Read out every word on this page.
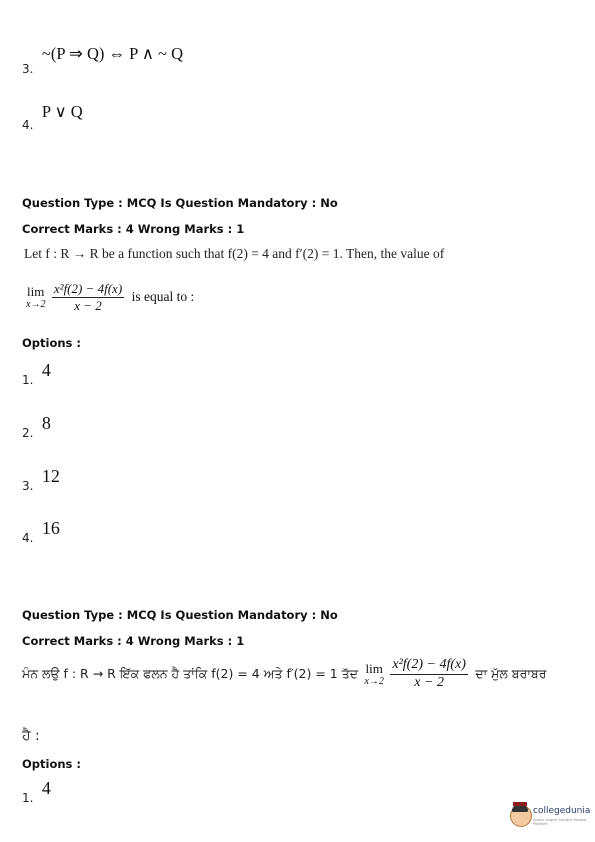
$_{3.}$ ~(P ⇒ Q) ⇔ P ∧ ~ Q
$_{4.}$ P ∨ Q
Question Type : MCQ Is Question Mandatory : No
Correct Marks : 4 Wrong Marks : 1
Let f : R → R be a function such that f(2) = 4 and f′(2) = 1. Then, the value of
lim
x→2
$\frac{\text{x²f(2) − 4f(x)}}{x - 2}$ is equal to :
Options :
$_{1.}$ 4
$_{2.}$ 8
$_{3.}$ 12
$_{4.}$ 16
Question Type : MCQ Is Question Mandatory : No
Correct Marks : 4 Wrong Marks : 1
ਮੰਨ ਲਉ f : R → R ਇੱਕ ਫਲਨ ਹੈ ਤਾਂਕਿ f(2) = 4 ਅਤੇ f′(2) = 1 ਤੱਦ lim
x→2
$\frac{\text{x²f(2) − 4f(x)}}{x - 2}$ ਦਾ ਮੁੱਲ ਬਰਾਬਰ
ਹੈ :
Options :
$_{1.}$ 4
collegedunia
India's largest Student Review Platform
